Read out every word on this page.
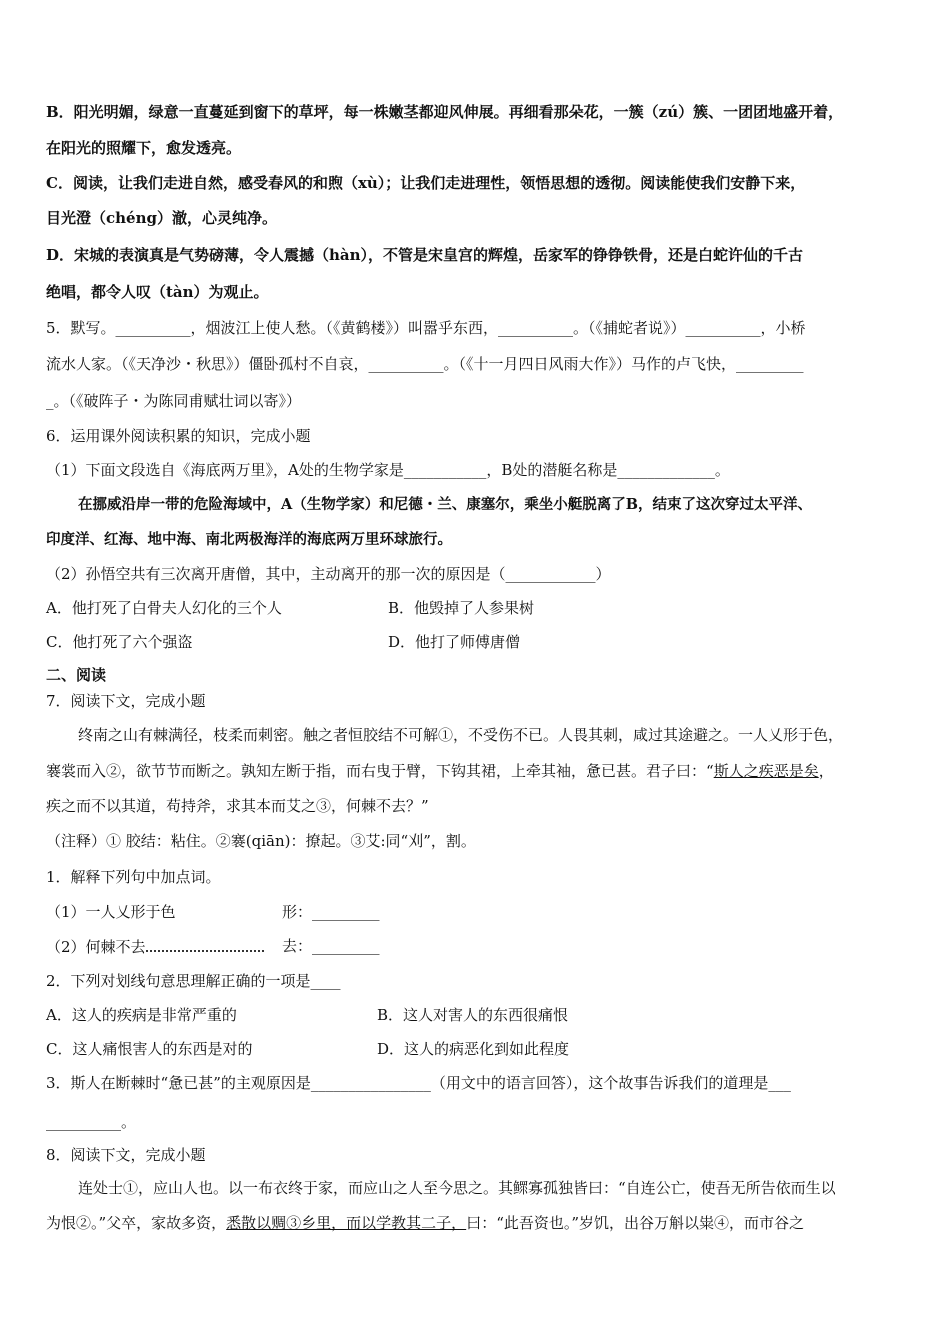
B．阳光明媚，绿意一直蔓延到窗下的草坪，每一株嫩茎都迎风伸展。再细看那朵花，一簇（zú）簇、一团团地盛开着，
在阳光的照耀下，愈发透亮。
C．阅读，让我们走进自然，感受春风的和煦（xù）；让我们走进理性，领悟思想的透彻。阅读能使我们安静下来，
目光澄（chéng）澈，心灵纯净。
D．宋城的表演真是气势磅薄，令人震撼（hàn），不管是宋皇宫的辉煌，岳家军的铮铮铁骨，还是白蛇许仙的千古
绝唱，都令人叹（tàn）为观止。
5．默写。__________，烟波江上使人愁。（《黄鹤楼》）叫嚣乎东西，__________。（《捕蛇者说》）__________，小桥
流水人家。（《天净沙・秋思》）僵卧孤村不自哀，__________。（《十一月四日风雨大作》）马作的卢飞快，_________
_。（《破阵子・为陈同甫赋壮词以寄》）
6．运用课外阅读积累的知识，完成小题
（1）下面文段选自《海底两万里》，A处的生物学家是___________，B处的潜艇名称是_____________。
在挪威沿岸一带的危险海域中，A（生物学家）和尼德・兰、康塞尔，乘坐小艇脱离了B，结束了这次穿过太平洋、
印度洋、红海、地中海、南北两极海洋的海底两万里环球旅行。
（2）孙悟空共有三次离开唐僧，其中，主动离开的那一次的原因是（____________）
A．他打死了白骨夫人幻化的三个人	B．他毁掉了人参果树
C．他打死了六个强盗	D．他打了师傅唐僧
二、阅读
7．阅读下文，完成小题
终南之山有棘满径，枝柔而刺密。触之者恒胶结不可解①，不受伤不已。人畏其刺，咸过其途避之。一人乂形于色，
褰裳而入②，欲节节而断之。孰知左断于指，而右曳于臂，下钩其裙，上牵其袖，惫已甚。君子曰：“斯人之疾恶是矣，
疾之而不以其道，苟持斧，求其本而艾之③，何棘不去？”
（注释）① 胶结：粘住。②褰(qiān)：撩起。③艾:同“刈”，割。
1．解释下列句中加点词。
（1）一人乂形于色	形：_________
（2）何棘不去	去：_________
2．下列对划线句意思理解正确的一项是____
A．这人的疾病是非常严重的	B．这人对害人的东西很痛恨
C．这人痛恨害人的东西是对的	D．这人的病恶化到如此程度
3．斯人在断棘时“惫已甚”的主观原因是________________（用文中的语言回答），这个故事告诉我们的道理是___
__________。
8．阅读下文，完成小题
连处士①，应山人也。以一布衣终于家，而应山之人至今思之。其鳏寡孤独皆曰：“自连公亡，使吾无所告依而生以
为恨②。”父卒，家故多资，悉散以赒③乡里，而以学教其二子，曰：“此吾资也。”岁饥，出谷万斛以粜④，而市谷之
